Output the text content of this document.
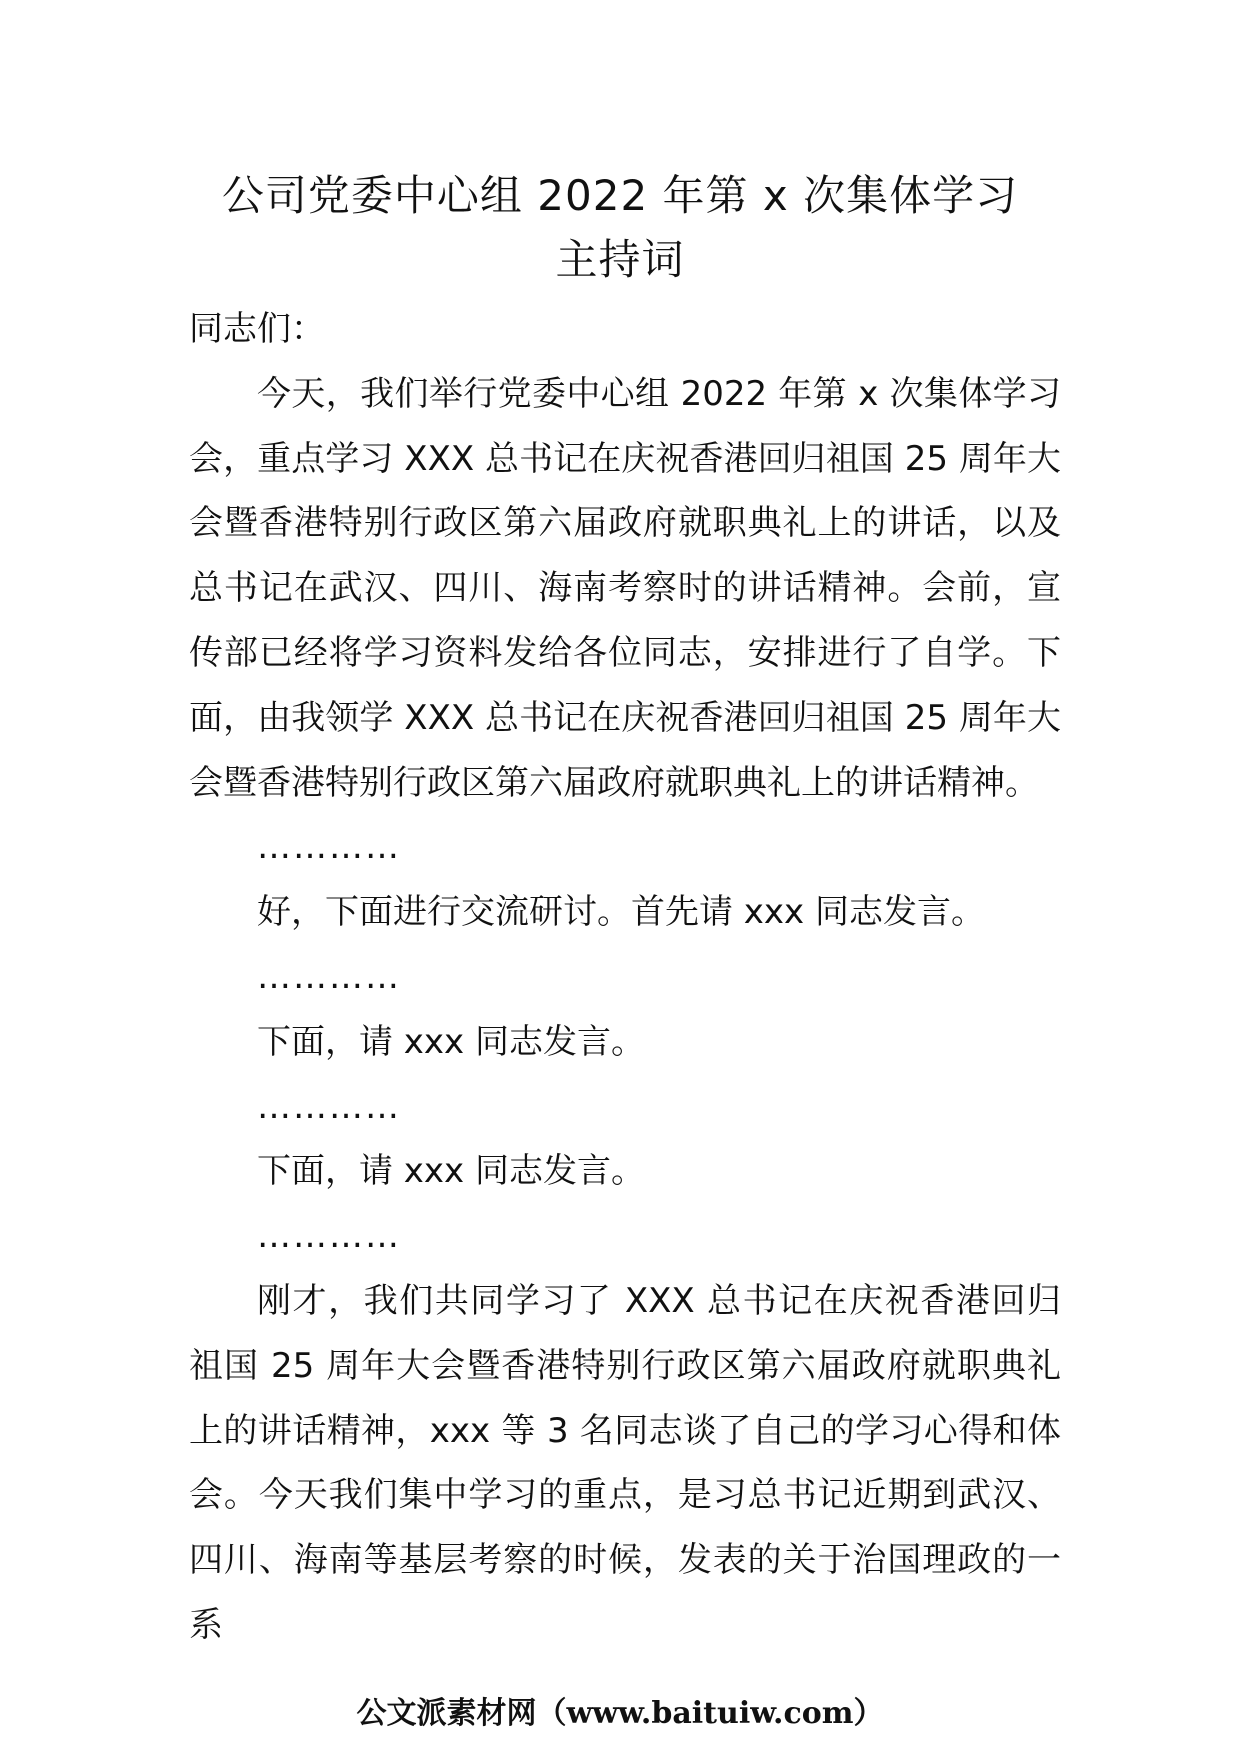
公司党委中心组 2022 年第 x 次集体学习
主持词

同志们：

今天，我们举行党委中心组 2022 年第 x 次集体学习会，重点学习 XXX 总书记在庆祝香港回归祖国 25 周年大会暨香港特别行政区第六届政府就职典礼上的讲话，以及总书记在武汉、四川、海南考察时的讲话精神。会前，宣传部已经将学习资料发给各位同志，安排进行了自学。下面，由我领学 XXX 总书记在庆祝香港回归祖国 25 周年大会暨香港特别行政区第六届政府就职典礼上的讲话精神。

…………

好，下面进行交流研讨。首先请 xxx 同志发言。

…………

下面，请 xxx 同志发言。

…………

下面，请 xxx 同志发言。

…………

刚才，我们共同学习了 XXX 总书记在庆祝香港回归祖国 25 周年大会暨香港特别行政区第六届政府就职典礼上的讲话精神，xxx 等 3 名同志谈了自己的学习心得和体会。今天我们集中学习的重点，是习总书记近期到武汉、四川、海南等基层考察的时候，发表的关于治国理政的一系

公文派素材网（www.baituiw.com）
